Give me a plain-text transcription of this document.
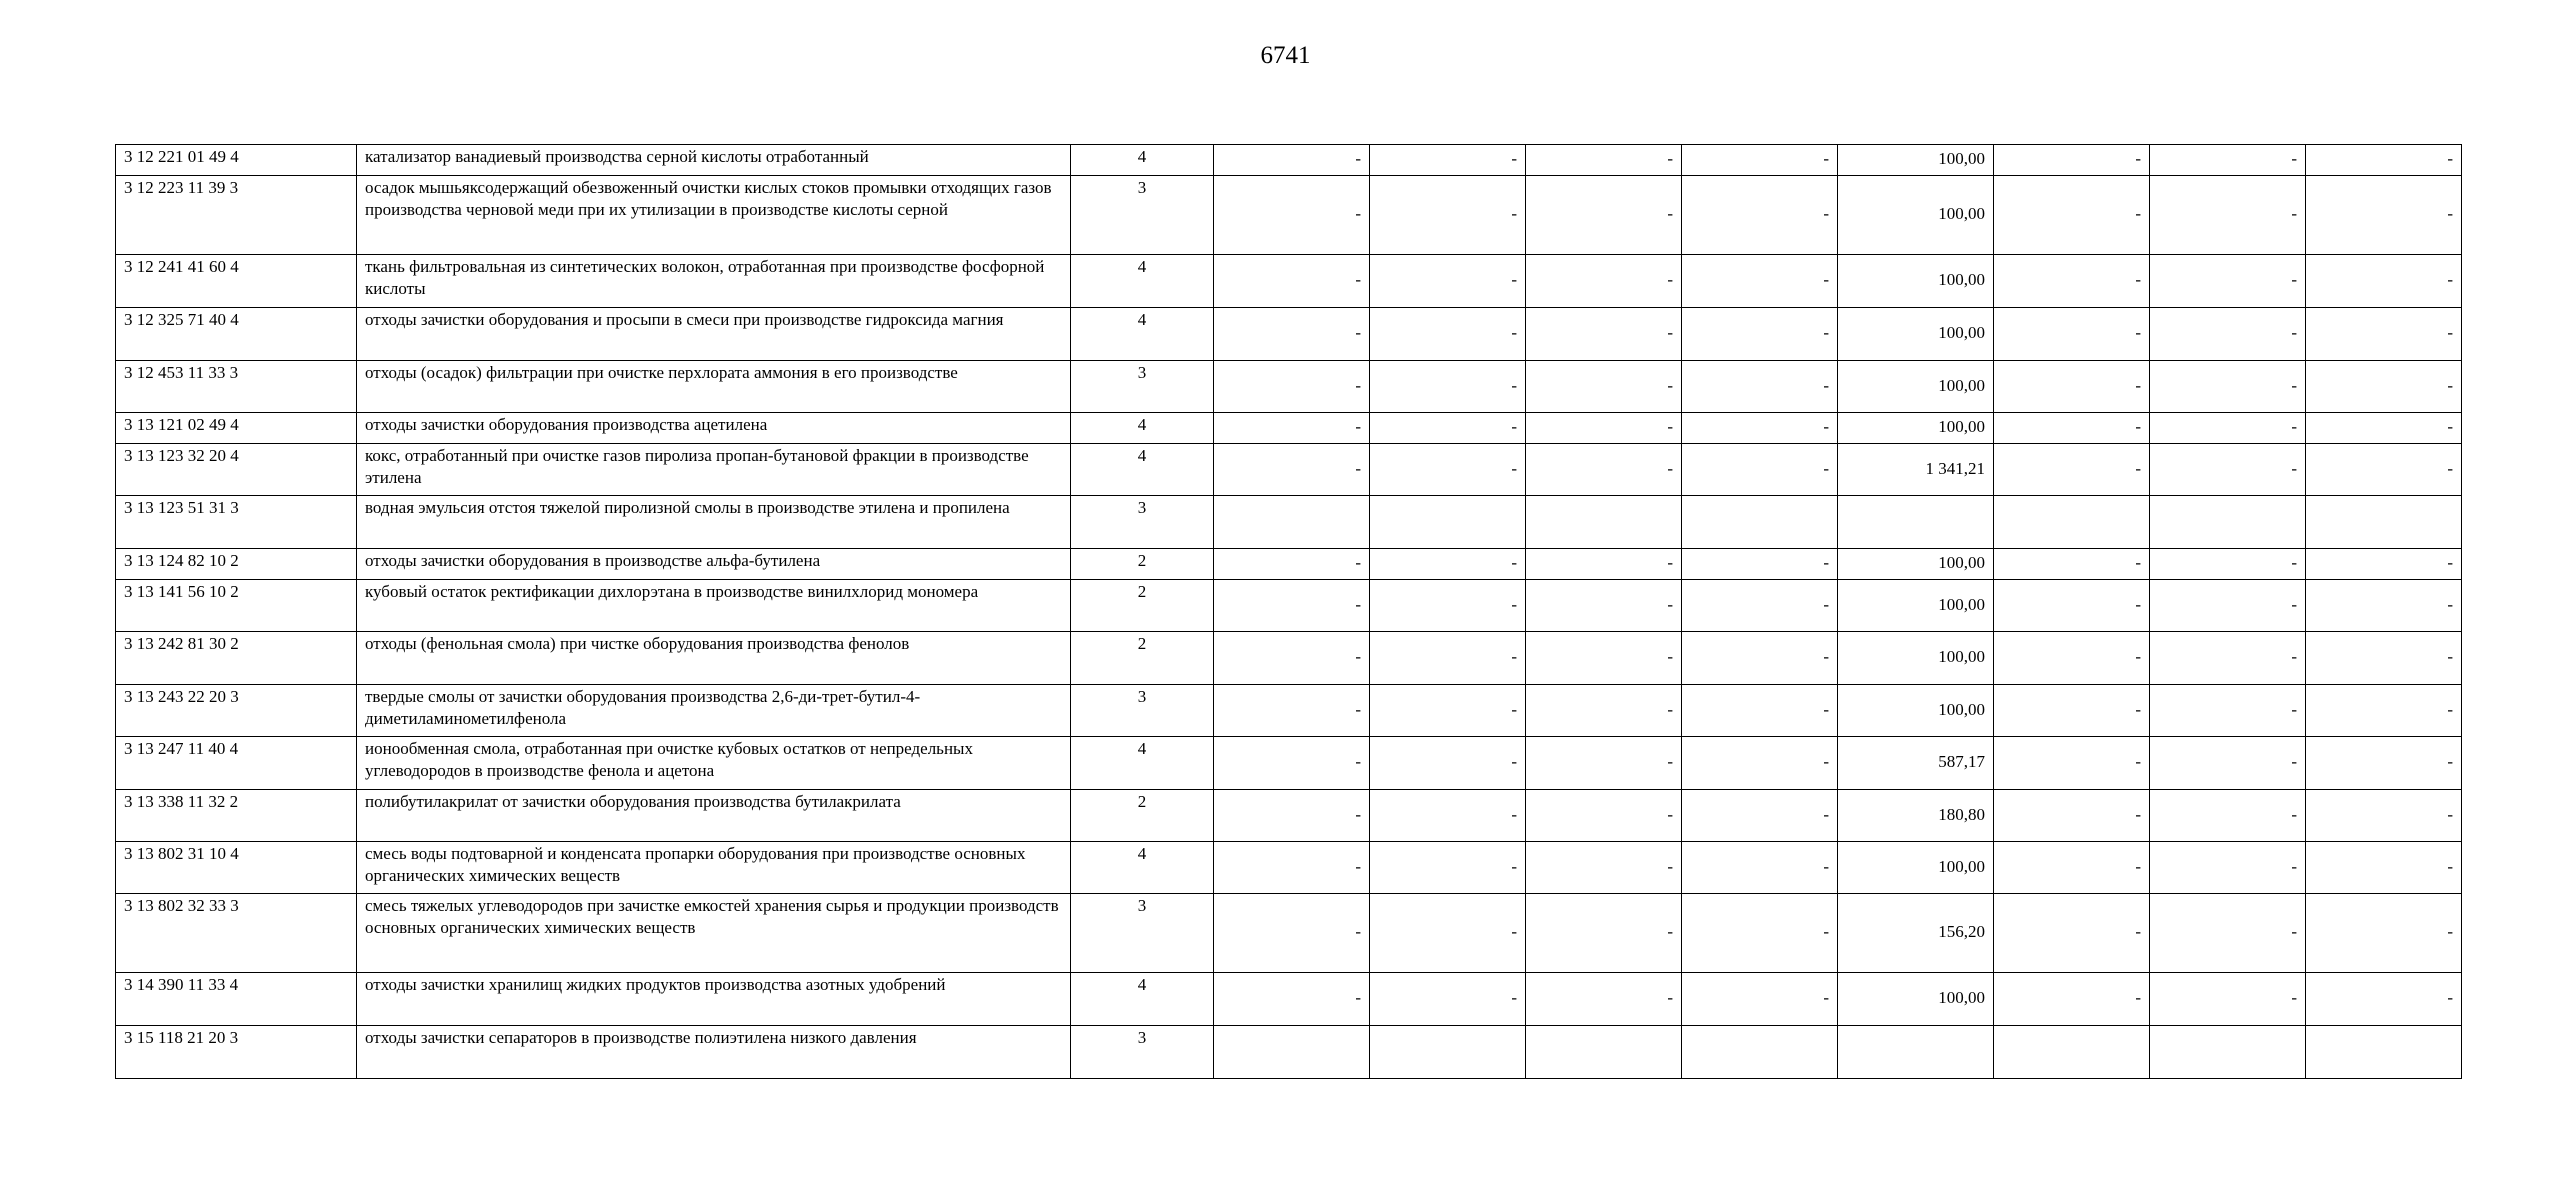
6741
3 12 221 01 49 4	катализатор ванадиевый производства серной кислоты отработанный	4	-	-	-	-	100,00	-	-	-
3 12 223 11 39 3	осадок мышьяксодержащий обезвоженный очистки кислых стоков промывки отходящих газов производства черновой меди при их утилизации в производстве кислоты серной	3	-	-	-	-	100,00	-	-	-
3 12 241 41 60 4	ткань фильтровальная из синтетических волокон, отработанная при производстве фосфорной кислоты	4	-	-	-	-	100,00	-	-	-
3 12 325 71 40 4	отходы зачистки оборудования и просыпи в смеси при производстве гидроксида магния	4	-	-	-	-	100,00	-	-	-
3 12 453 11 33 3	отходы (осадок) фильтрации при очистке перхлората аммония в его производстве	3	-	-	-	-	100,00	-	-	-
3 13 121 02 49 4	отходы зачистки оборудования производства ацетилена	4	-	-	-	-	100,00	-	-	-
3 13 123 32 20 4	кокс, отработанный при очистке газов пиролиза пропан-бутановой фракции в производстве этилена	4	-	-	-	-	1 341,21	-	-	-
3 13 123 51 31 3	водная эмульсия отстоя тяжелой пиролизной смолы в производстве этилена и пропилена	3								
3 13 124 82 10 2	отходы зачистки оборудования в производстве альфа-бутилена	2	-	-	-	-	100,00	-	-	-
3 13 141 56 10 2	кубовый остаток ректификации дихлорэтана в производстве винилхлорид мономера	2	-	-	-	-	100,00	-	-	-
3 13 242 81 30 2	отходы (фенольная смола) при чистке оборудования производства фенолов	2	-	-	-	-	100,00	-	-	-
3 13 243 22 20 3	твердые смолы от зачистки оборудования производства 2,6-ди-трет-бутил-4-диметиламинометилфенола	3	-	-	-	-	100,00	-	-	-
3 13 247 11 40 4	ионообменная смола, отработанная при очистке кубовых остатков от непредельных углеводородов в производстве фенола и ацетона	4	-	-	-	-	587,17	-	-	-
3 13 338 11 32 2	полибутилакрилат от зачистки оборудования производства бутилакрилата	2	-	-	-	-	180,80	-	-	-
3 13 802 31 10 4	смесь воды подтоварной и конденсата пропарки оборудования при производстве основных органических химических веществ	4	-	-	-	-	100,00	-	-	-
3 13 802 32 33 3	смесь тяжелых углеводородов при зачистке емкостей хранения сырья и продукции производств основных органических химических веществ	3	-	-	-	-	156,20	-	-	-
3 14 390 11 33 4	отходы зачистки хранилищ жидких продуктов производства азотных удобрений	4	-	-	-	-	100,00	-	-	-
3 15 118 21 20 3	отходы зачистки сепараторов в производстве полиэтилена низкого давления	3								
